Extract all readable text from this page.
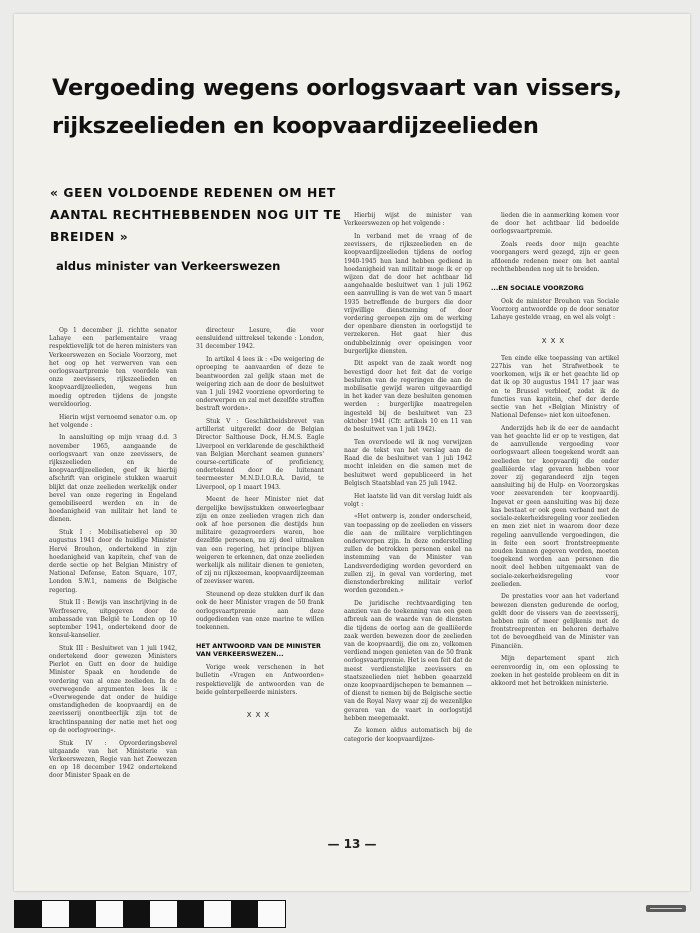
Vergoeding wegens oorlogsvaart van vissers, rijkszeelieden en koopvaardijzeelieden
« GEEN VOLDOENDE REDENEN OM HET AANTAL RECHTHEBBENDEN NOG UIT TE BREIDEN »
aldus minister van Verkeerswezen

Op 1 december jl. richtte senator Lahaye een parlementaire vraag respektievelijk tot de heren ministers van Verkeerswezen en Sociale Voorzorg, met het oog op het verwerven van een oorlogsvaartpremie ten voordele van onze zeevissers, rijkszeelieden en koopvaardijzeelieden, wegens hun moedig optreden tijdens de jongste wereldoorlog.

Hierin wijst vernoemd senator o.m. op het volgende :

In aansluiting op mijn vraag d.d. 3 november 1965, aangaande de oorlogsvaart van onze zeevissers, de rijkszeelieden en de koopvaardijzeelieden, geef ik hierbij afschrift van originele stukken waaruit blijkt dat onze zeelieden werkelijk onder bevel van onze regering in Engeland gemobiliseerd werden en in de hoedanigheid van militair het land te dienen.

Stuk I : Mobilisatiebevel op 30 augustus 1941 door de huidige Minister Hervé Brouhon, ondertekend in zijn hoedanigheid van kapitein, chef van de derde sectie op het Belgian Ministry of National Defense, Eaton Square, 107, London S.W.1, namens de Belgische regering.

Stuk II : Bewijs van inschrijving in de Werfreserve, uitgegeven door de ambassade van België te Londen op 10 september 1941, ondertekend door de konsul-kanselier.

Stuk III : Besluitwet van 1 juli 1942, ondertekend door gewezen Ministers Pierlot en Gutt en door de huidige Minister Spaak en houdende de vordering van al onze zeelieden. In de overwegende argumenten lees ik : «Overwegende dat onder de huidige omstandigheden de koopvaardij en de zeevisserij onontbeerlijk zijn tot de krachtinspanning der natie met het oog op de oorlogvoering».

Stuk IV : Opvorderingsbevel uitgaande van het Ministerie van Verkeerswezen, Regie van het Zeewezen en op 18 december 1942 ondertekend door Minister Spaak en de

directeur Lesure, die voor eensluidend uittreksel tekende : London, 31 december 1942.

In artikel 4 lees ik : «De weigering de oproeping te aanvaarden of deze te beantwoorden zal gelijk staan met de weigering zich aan de door de besluitwet van 1 juli 1942 voorziene opvordering te onderwerpen en zal met dezelfde straffen bestraft worden».

Stuk V : Geschiktheidsbrevet van artillerist uitgereikt door de Belgian Director Salthouse Dock, H.M.S. Eagle Liverpool en verklarende de geschiktheid van Belgian Merchant seamen gunners' course-certificate of proficiency, ondertekend door de luitenant teermeester M.N.D.I.O.R.A. David, te Liverpool, op 1 maart 1943.

Meent de heer Minister niet dat dergelijke bewijsstukken onweerlegbaar zijn en onze zeelieden vragen zich dan ook af hoe personen die destijds hun militaire gezagvoerders waren, hoe dezelfde personen, nu zij deel uitmaken van een regering, het principe blijven weigeren te erkennen, dat onze zeelieden werkelijk als militair dienen te genieten, of zij nu rijkszeeman, koopvaardijzeeman of zeevisser waren.

Steunend op deze stukken durf ik dan ook de heer Minister vragen de 50 frank oorlogsvaartpremie aan deze oudgedienden van onze marine te willen toekennen.

HET ANTWOORD VAN DE MINISTER VAN VERKEERSWEZEN...

Vorige week verschenen in het bulletin «Vragen en Antwoorden» respektievelijk de antwoorden van de beide geïnterpelleerde ministers.

XXX

Hierbij wijst de minister van Verkeerswezen op het volgende :

In verband met de vraag of de zeevissers, de rijkszeelieden en de koopvaardijzeelieden tijdens de oorlog 1940-1945 hun land hebben gediend in hoedanigheid van militair moge ik er op wijzen dat de door het achtbaar lid aangehaalde besluitwet van 1 juli 1962 een aanvulling is van de wet van 5 maart 1935 betreffende de burgers die door vrijwillige dienstneming of door vordering geroepen zijn om de werking der openbare diensten in oorlogstijd te verzekeren. Het gaat hier dus ondubbelzinnig over opeisingen voor burgerlijke diensten.

Dit aspekt van de zaak wordt nog bevestigd door het feit dat de vorige besluiten van de regeringen die aan de mobilisatie gewijd waren uitgevaardigd in het kader van deze besluiten genomen werden : burgerlijke maatregelen ingesteld bij de besluitwet van 23 oktober 1941 (Cfr. artikels 10 en 11 van de besluitwet van 1 juli 1942).

Ten overvloede wil ik nog verwijzen naar de tekst van het verslag aan de Raad die de besluitwet van 1 juli 1942 mocht inleiden en die samen met de besluitwet werd gepubliceerd in het Belgisch Staatsblad van 25 juli 1942.

Het laatste lid van dit verslag luidt als volgt :

«Het ontwerp is, zonder onderscheid, van toepassing op de zeelieden en vissers die aan de militaire verplichtingen onderworpen zijn. In deze onderstelling zullen de betrokken personen enkel na instemming van de Minister van Landsverdediging worden gevorderd en zullen zij, in geval van vordering, met dienstonderbreking militair verlof worden gezonden.»

De juridische rechtvaardiging ten aanzien van de toekenning van een geen afbreuk aan de waarde van de diensten die tijdens de oorlog aan de gealliëerde zaak werden bewezen door de zeelieden van de koopvaardij, die om zo, volkomen verdiend mogen genieten van de 50 frank oorlogsvaartpremie. Het is een feit dat de meest verdienstelijke zeevissers en staatszeelieden niet hebben geaarzeld onze koopvaardijschepen te bemannen — of dienst te nemen bij de Belgische sectie van de Royal Navy waar zij de wezenlijke gevaren van de vaart in oorlogstijd hebben meegemaakt.

Ze komen aldus automatisch bij de categorie der koopvaardijzee-

lieden die in aanmerking komen voor de door het achtbaar lid bedoelde oorlogsvaartpremie.

Zoals reeds door mijn geachte voorgangers werd gezegd, zijn er geen afdoende redenen meer om het aantal rechthebbenden nog uit te breiden.

...EN SOCIALE VOORZORG

Ook de minister Brouhon van Sociale Voorzorg antwoordde op de door senator Lahaye gestelde vraag, en wel als volgt :

XXX

Ten einde elke toepassing van artikel 227bis van het Strafwetboek te voorkomen, wijs ik er het geachte lid op dat ik op 30 augustus 1941 17 jaar was en te Brussel verbleef, zodat ik de functies van kapitein, chef der derde sectie van het «Belgian Ministry of National Defense» niet kon uitoefenen.

Anderzijds heb ik de eer de aandacht van het geachte lid er op te vestigen, dat de aanvullende vergoeding voor oorlogsvaart alleen toegekend wordt aan zeelieden ter koopvaardij die onder gealliëerde vlag gevaren hebben voor zover zij gegarandeerd zijn tegen aansluiting bij de Hulp- en Voorzorgskas voor zeevarenden ter koopvaardij. Ingevat er geen aansluiting was bij deze kas bestaat er ook geen verband met de sociale-zekerheidsregeling voor zeelieden en men ziet niet in waarom door deze regeling aanvullende vergoedingen, die in feite een soort frontstreepmente zouden kunnen gegeven worden, moeten toegekend worden aan personen die nooit deel hebben uitgemaakt van de sociale-zekerheidsregeling voor zeelieden.

De prestaties voor aan het vaderland bewezen diensten gedurende de oorlog, geldt door de vissers van de zeevisserij, hebben min of meer gelijkenis met de frontstreeprenten en behoren derhalve tot de bevoegdheid van de Minister van Financiën.

Mijn departement spant zich eerenvoordig in, om een oplossing te zoeken in het gestelde probleem en dit in akkoord met het betrokken ministerie.

— 13 —
